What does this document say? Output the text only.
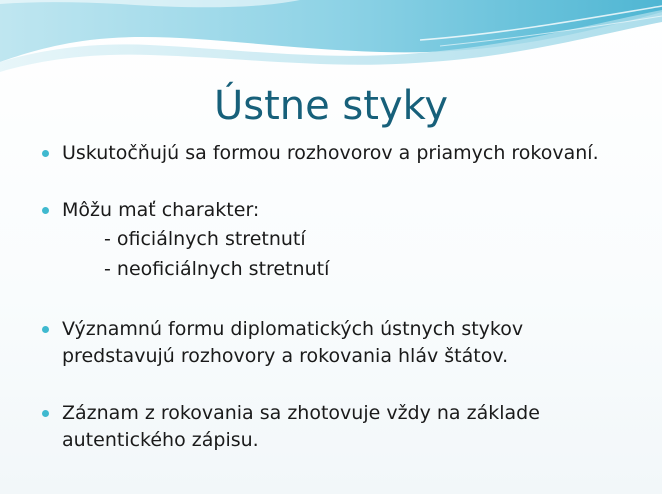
Ústne styky
Uskutočňujú sa formou rozhovorov a priamych rokovaní.
Môžu mať charakter:
- oficiálnych stretnutí
- neoficiálnych stretnutí
Významnú formu diplomatických ústnych stykov
predstavujú rozhovory a rokovania hláv štátov.
Záznam z rokovania sa zhotovuje vždy na základe
autentického zápisu.
